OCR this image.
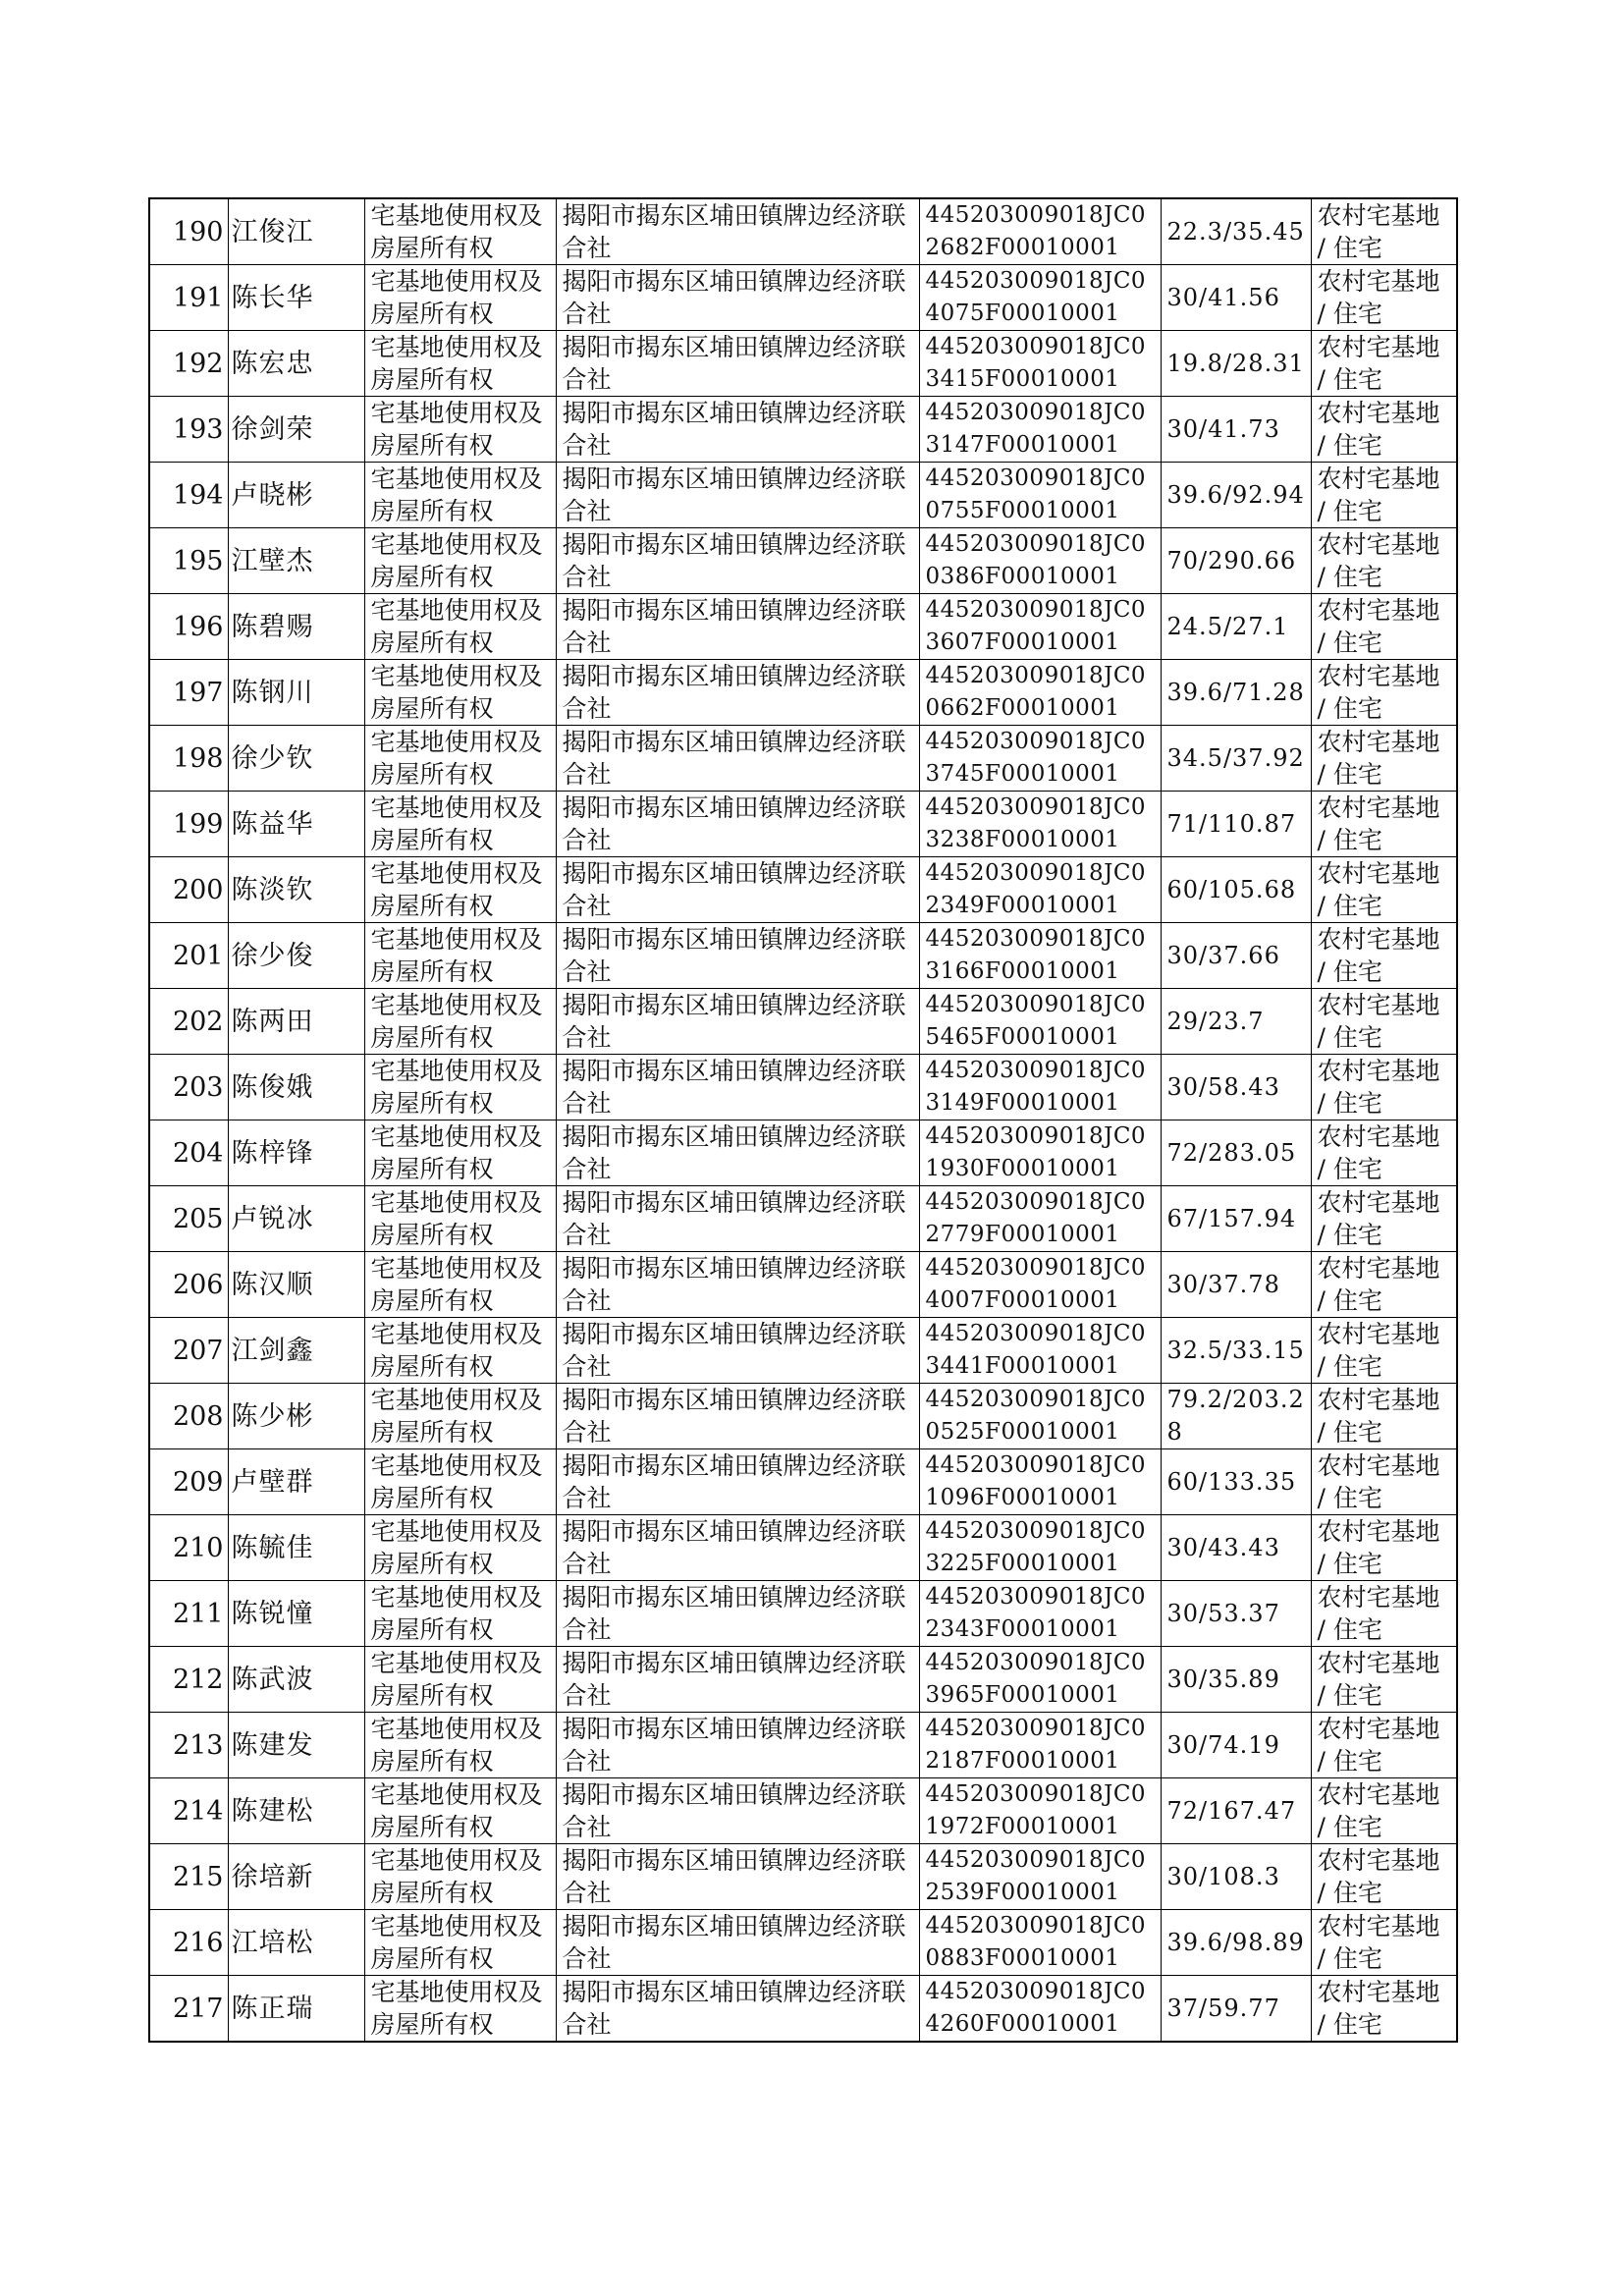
190	江俊江	宅基地使用权及房屋所有权	揭阳市揭东区埔田镇牌边经济联合社	445203009018JC02682F00010001	22.3/35.45	农村宅基地 / 住宅
191	陈长华	宅基地使用权及房屋所有权	揭阳市揭东区埔田镇牌边经济联合社	445203009018JC04075F00010001	30/41.56	农村宅基地 / 住宅
192	陈宏忠	宅基地使用权及房屋所有权	揭阳市揭东区埔田镇牌边经济联合社	445203009018JC03415F00010001	19.8/28.31	农村宅基地 / 住宅
193	徐剑荣	宅基地使用权及房屋所有权	揭阳市揭东区埔田镇牌边经济联合社	445203009018JC03147F00010001	30/41.73	农村宅基地 / 住宅
194	卢晓彬	宅基地使用权及房屋所有权	揭阳市揭东区埔田镇牌边经济联合社	445203009018JC00755F00010001	39.6/92.94	农村宅基地 / 住宅
195	江壁杰	宅基地使用权及房屋所有权	揭阳市揭东区埔田镇牌边经济联合社	445203009018JC00386F00010001	70/290.66	农村宅基地 / 住宅
196	陈碧赐	宅基地使用权及房屋所有权	揭阳市揭东区埔田镇牌边经济联合社	445203009018JC03607F00010001	24.5/27.1	农村宅基地 / 住宅
197	陈钢川	宅基地使用权及房屋所有权	揭阳市揭东区埔田镇牌边经济联合社	445203009018JC00662F00010001	39.6/71.28	农村宅基地 / 住宅
198	徐少钦	宅基地使用权及房屋所有权	揭阳市揭东区埔田镇牌边经济联合社	445203009018JC03745F00010001	34.5/37.92	农村宅基地 / 住宅
199	陈益华	宅基地使用权及房屋所有权	揭阳市揭东区埔田镇牌边经济联合社	445203009018JC03238F00010001	71/110.87	农村宅基地 / 住宅
200	陈淡钦	宅基地使用权及房屋所有权	揭阳市揭东区埔田镇牌边经济联合社	445203009018JC02349F00010001	60/105.68	农村宅基地 / 住宅
201	徐少俊	宅基地使用权及房屋所有权	揭阳市揭东区埔田镇牌边经济联合社	445203009018JC03166F00010001	30/37.66	农村宅基地 / 住宅
202	陈两田	宅基地使用权及房屋所有权	揭阳市揭东区埔田镇牌边经济联合社	445203009018JC05465F00010001	29/23.7	农村宅基地 / 住宅
203	陈俊娥	宅基地使用权及房屋所有权	揭阳市揭东区埔田镇牌边经济联合社	445203009018JC03149F00010001	30/58.43	农村宅基地 / 住宅
204	陈梓锋	宅基地使用权及房屋所有权	揭阳市揭东区埔田镇牌边经济联合社	445203009018JC01930F00010001	72/283.05	农村宅基地 / 住宅
205	卢锐冰	宅基地使用权及房屋所有权	揭阳市揭东区埔田镇牌边经济联合社	445203009018JC02779F00010001	67/157.94	农村宅基地 / 住宅
206	陈汉顺	宅基地使用权及房屋所有权	揭阳市揭东区埔田镇牌边经济联合社	445203009018JC04007F00010001	30/37.78	农村宅基地 / 住宅
207	江剑鑫	宅基地使用权及房屋所有权	揭阳市揭东区埔田镇牌边经济联合社	445203009018JC03441F00010001	32.5/33.15	农村宅基地 / 住宅
208	陈少彬	宅基地使用权及房屋所有权	揭阳市揭东区埔田镇牌边经济联合社	445203009018JC00525F00010001	79.2/203.28	农村宅基地 / 住宅
209	卢壁群	宅基地使用权及房屋所有权	揭阳市揭东区埔田镇牌边经济联合社	445203009018JC01096F00010001	60/133.35	农村宅基地 / 住宅
210	陈毓佳	宅基地使用权及房屋所有权	揭阳市揭东区埔田镇牌边经济联合社	445203009018JC03225F00010001	30/43.43	农村宅基地 / 住宅
211	陈锐憧	宅基地使用权及房屋所有权	揭阳市揭东区埔田镇牌边经济联合社	445203009018JC02343F00010001	30/53.37	农村宅基地 / 住宅
212	陈武波	宅基地使用权及房屋所有权	揭阳市揭东区埔田镇牌边经济联合社	445203009018JC03965F00010001	30/35.89	农村宅基地 / 住宅
213	陈建发	宅基地使用权及房屋所有权	揭阳市揭东区埔田镇牌边经济联合社	445203009018JC02187F00010001	30/74.19	农村宅基地 / 住宅
214	陈建松	宅基地使用权及房屋所有权	揭阳市揭东区埔田镇牌边经济联合社	445203009018JC01972F00010001	72/167.47	农村宅基地 / 住宅
215	徐培新	宅基地使用权及房屋所有权	揭阳市揭东区埔田镇牌边经济联合社	445203009018JC02539F00010001	30/108.3	农村宅基地 / 住宅
216	江培松	宅基地使用权及房屋所有权	揭阳市揭东区埔田镇牌边经济联合社	445203009018JC00883F00010001	39.6/98.89	农村宅基地 / 住宅
217	陈正瑞	宅基地使用权及房屋所有权	揭阳市揭东区埔田镇牌边经济联合社	445203009018JC04260F00010001	37/59.77	农村宅基地 / 住宅
